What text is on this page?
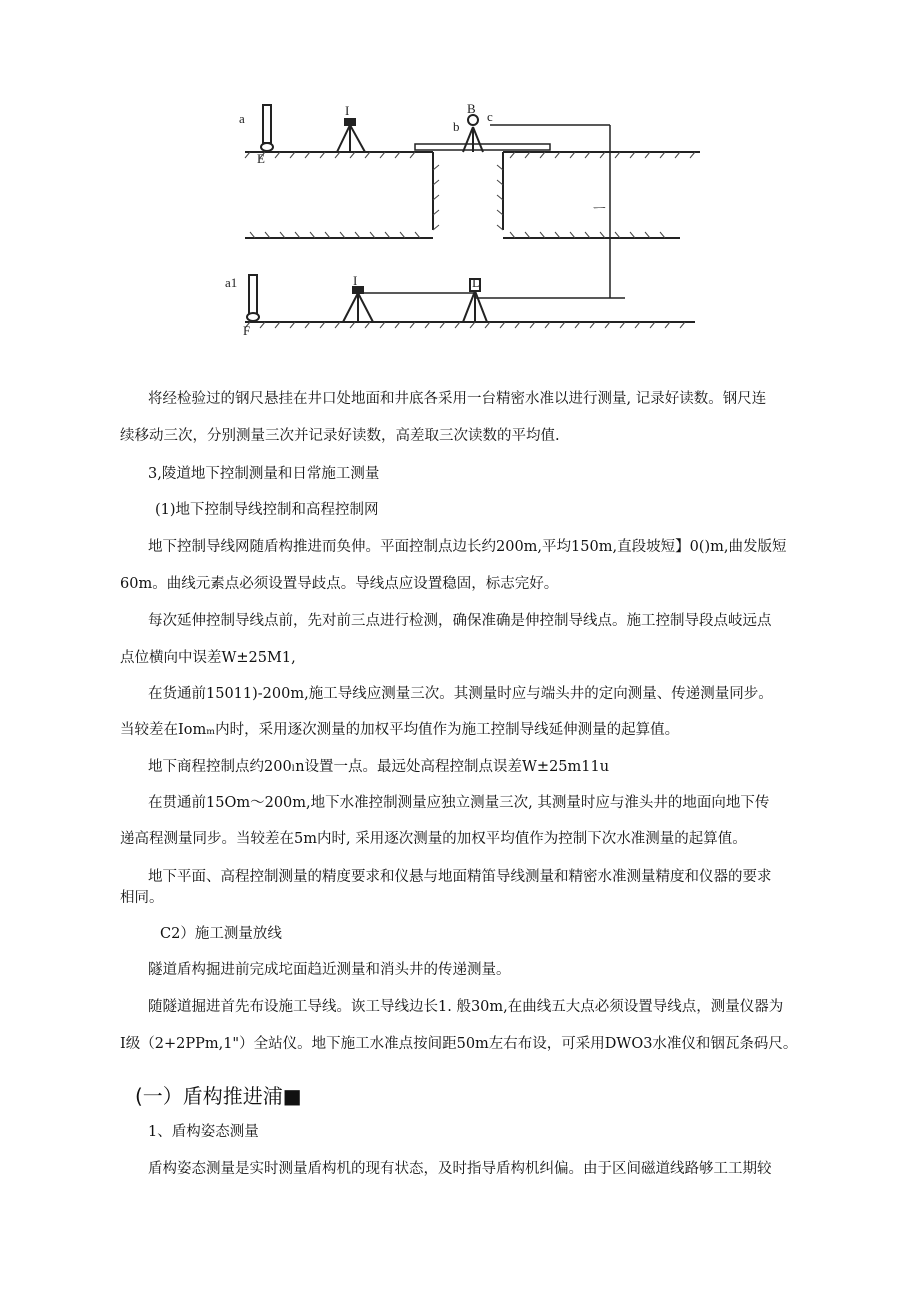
a
E
I	B
b
c
ㅡ
a1
F
I	D
将经检验过的钢尺悬挂在井口处地面和井底各采用一台精密水准以进行测量, 记录好读数。钢尺连
续移动三次，分别测量三次并记录好读数，高差取三次读数的平均值.
3,陵道地下控制测量和日常施工测量
(1)地下控制导线控制和高程控制网
地下控制导线网随盾构推进而奂伸。平面控制点边长约200m,平均150m,直段坡短】0()m,曲发版短
60m。曲线元素点必须设置导歧点。导线点应设置稳固，标志完好。
每次延伸控制导线点前，先对前三点进行检测，确保准确是伸控制导线点。施工控制导段点岐远点
点位横向中误差W±25M1,
在货通前15011)-200m,施工导线应测量三次。其测量时应与端头井的定向测量、传递测量同步。
当较差在Iomₘ内时，采用逐次测量的加权平均值作为施工控制导线延伸测量的起算值。
地下商程控制点约200ₗn设置一点。最远处高程控制点误差W±25m11u
在贯通前15Om〜200m,地下水准控制测量应独立测量三次, 其测量时应与淮头井的地面向地下传
递高程测量同步。当较差在5m内时, 采用逐次测量的加权平均值作为控制下次水准测量的起算值。
地下平面、高程控制测量的精度要求和仪悬与地面精笛导线测量和精密水准测量精度和仪器的要求
相同。
C2）施工测量放线
隧道盾构掘进前完成坨面趋近测量和消头井的传递测量。
随隧道掘进首先布设施工导线。诙工导线边长1. 般30m,在曲线五大点必须设置导线点，测量仪器为
I级（2+2PPm,1"）全站仪。地下施工水准点按间距50m左右布设，可采用DWO3水准仪和铟瓦条码尺。
(一）盾构推进浦■
1、盾构姿态测量
盾构姿态测量是实时测量盾构机的现有状态，及时指导盾构机纠偏。由于区间磁道线路够工工期较
